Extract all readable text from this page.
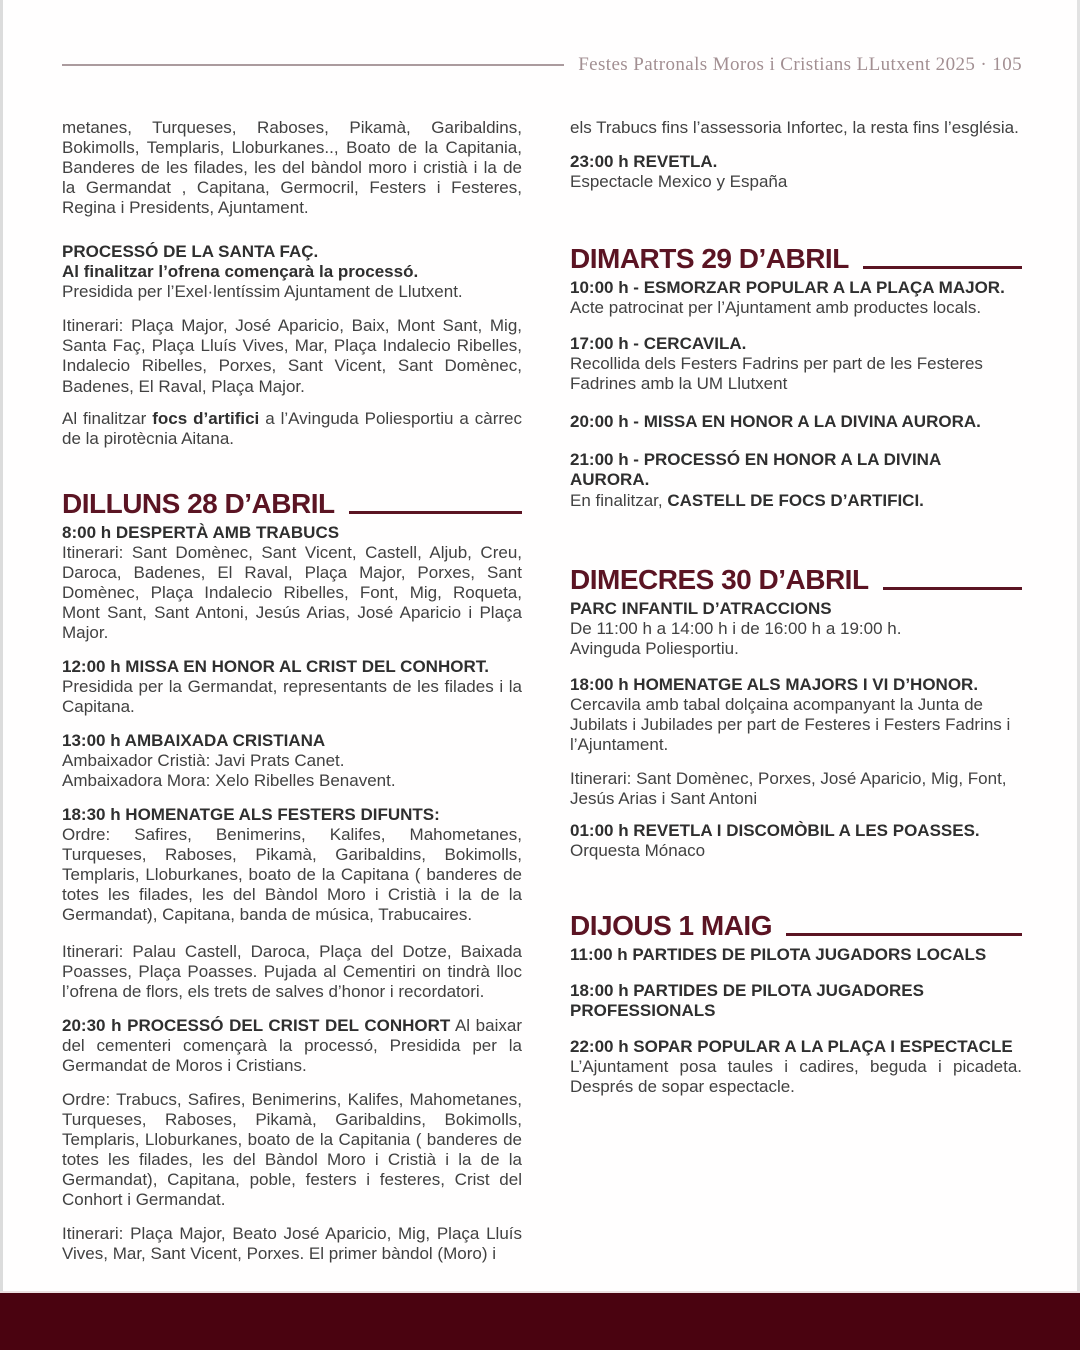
Festes Patronals Moros i Cristians LLutxent 2025 · 105

metanes, Turqueses, Raboses, Pikamà, Garibaldins, Bokimolls, Templaris, Lloburkanes.., Boato de la Capitania, Banderes de les filades, les del bàndol moro i cristià i la de la Germandat , Capitana, Germocril, Festers i Festeres, Regina i Presidents, Ajuntament.

PROCESSÓ DE LA SANTA FAÇ.

Al finalitzar l’ofrena començarà la processó.

Presidida per l’Exel·lentíssim Ajuntament de Llutxent.

Itinerari: Plaça Major, José Aparicio, Baix, Mont Sant, Mig, Santa Faç, Plaça Lluís Vives, Mar, Plaça Indalecio Ribelles, Indalecio Ribelles, Porxes, Sant Vicent, Sant Domènec, Badenes, El Raval, Plaça Major.

Al finalitzar focs d’artifici a l’Avinguda Poliesportiu a càrrec de la pirotècnia Aitana.

DILLUNS 28 D’ABRIL

8:00 h DESPERTÀ AMB TRABUCS

Itinerari: Sant Domènec, Sant Vicent, Castell, Aljub, Creu, Daroca, Badenes, El Raval, Plaça Major, Porxes, Sant Domènec, Plaça Indalecio Ribelles, Font, Mig, Roqueta, Mont Sant, Sant Antoni, Jesús Arias, José Aparicio i Plaça Major.

12:00 h MISSA EN HONOR AL CRIST DEL CONHORT.

Presidida per la Germandat, representants de les filades i la Capitana.

13:00 h AMBAIXADA CRISTIANA

Ambaixador Cristià: Javi Prats Canet.

Ambaixadora Mora: Xelo Ribelles Benavent.

18:30 h HOMENATGE ALS FESTERS DIFUNTS:

Ordre: Safires, Benimerins, Kalifes, Mahometanes, Turqueses, Raboses, Pikamà, Garibaldins, Bokimolls, Templaris, Lloburkanes, boato de la Capitana ( banderes de totes les filades, les del Bàndol Moro i Cristià i la de la Germandat), Capitana, banda de música, Trabucaires.

Itinerari: Palau Castell, Daroca, Plaça del Dotze, Baixada Poasses, Plaça Poasses. Pujada al Cementiri on tindrà lloc l’ofrena de flors, els trets de salves d’honor i recordatori.

20:30 h PROCESSÓ DEL CRIST DEL CONHORT Al baixar del cementeri començarà la processó, Presidida per la Germandat de Moros i Cristians.

Ordre: Trabucs, Safires, Benimerins, Kalifes, Mahometanes, Turqueses, Raboses, Pikamà, Garibaldins, Bokimolls, Templaris, Lloburkanes, boato de la Capitania ( banderes de totes les filades, les del Bàndol Moro i Cristià i la de la Germandat), Capitana, poble, festers i festeres, Crist del Conhort i Germandat.

Itinerari: Plaça Major, Beato José Aparicio, Mig, Plaça Lluís Vives, Mar, Sant Vicent, Porxes. El primer bàndol (Moro) i

els Trabucs fins l’assessoria Infortec, la resta fins l’església.

23:00 h REVETLA.

Espectacle Mexico y España

DIMARTS 29 D’ABRIL

10:00 h - ESMORZAR POPULAR A LA PLAÇA MAJOR.

Acte patrocinat per l’Ajuntament amb productes locals.

17:00 h - CERCAVILA.

Recollida dels Festers Fadrins per part de les Festeres Fadrines amb la UM Llutxent

20:00 h - MISSA EN HONOR A LA DIVINA AURORA.

21:00 h - PROCESSÓ EN HONOR A LA DIVINA AURORA.

En finalitzar, CASTELL DE FOCS D’ARTIFICI.

DIMECRES 30 D’ABRIL

PARC INFANTIL D’ATRACCIONS

De 11:00 h a 14:00 h i de 16:00 h a 19:00 h.

Avinguda Poliesportiu.

18:00 h HOMENATGE ALS MAJORS I VI D’HONOR.

Cercavila amb tabal dolçaina acompanyant la Junta de Jubilats i Jubilades per part de Festeres i Festers Fadrins i l’Ajuntament.

Itinerari: Sant Domènec, Porxes, José Aparicio, Mig, Font, Jesús Arias i Sant Antoni

01:00 h REVETLA I DISCOMÒBIL A LES POASSES.

Orquesta Mónaco

DIJOUS 1 MAIG

11:00 h PARTIDES DE PILOTA JUGADORS LOCALS

18:00 h PARTIDES DE PILOTA JUGADORES PROFESSIONALS

22:00 h SOPAR POPULAR A LA PLAÇA I ESPECTACLE

L’Ajuntament posa taules i cadires, beguda i picadeta. Després de sopar espectacle.
